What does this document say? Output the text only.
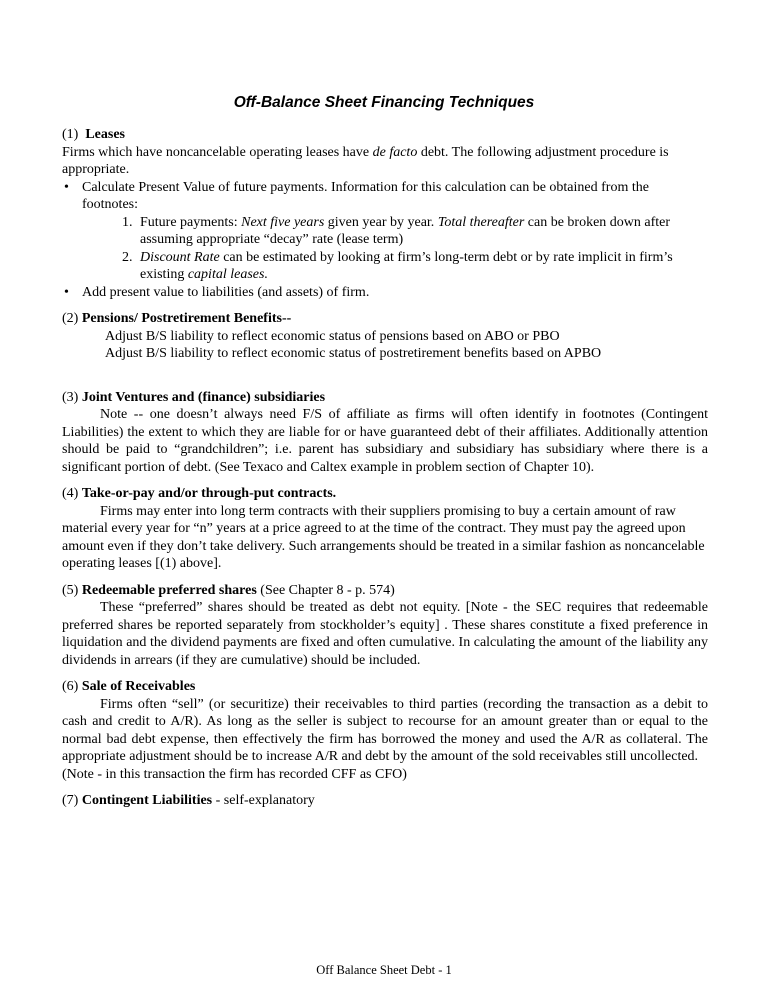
Off-Balance Sheet Financing Techniques

(1) Leases

Firms which have noncancelable operating leases have de facto debt. The following adjustment procedure is appropriate.

• Calculate Present Value of future payments. Information for this calculation can be obtained from the footnotes:
1. Future payments: Next five years given year by year. Total thereafter can be broken down after assuming appropriate “decay” rate (lease term)
2. Discount Rate can be estimated by looking at firm’s long-term debt or by rate implicit in firm’s existing capital leases.
• Add present value to liabilities (and assets) of firm.

(2) Pensions/ Postretirement Benefits--

Adjust B/S liability to reflect economic status of pensions based on ABO or PBO

Adjust B/S liability to reflect economic status of postretirement benefits based on APBO

(3) Joint Ventures and (finance) subsidiaries

Note -- one doesn’t always need F/S of affiliate as firms will often identify in footnotes (Contingent Liabilities) the extent to which they are liable for or have guaranteed debt of their affiliates. Additionally attention should be paid to “grandchildren”; i.e. parent has subsidiary and subsidiary has subsidiary where there is a significant portion of debt. (See Texaco and Caltex example in problem section of Chapter 10).

(4) Take-or-pay and/or through-put contracts.

Firms may enter into long term contracts with their suppliers promising to buy a certain amount of raw material every year for “n” years at a price agreed to at the time of the contract. They must pay the agreed upon amount even if they don’t take delivery. Such arrangements should be treated in a similar fashion as noncancelable operating leases [(1) above].

(5) Redeemable preferred shares (See Chapter 8 - p. 574)

These “preferred” shares should be treated as debt not equity. [Note - the SEC requires that redeemable preferred shares be reported separately from stockholder’s equity] . These shares constitute a fixed preference in liquidation and the dividend payments are fixed and often cumulative. In calculating the amount of the liability any dividends in arrears (if they are cumulative) should be included.

(6) Sale of Receivables

Firms often “sell” (or securitize) their receivables to third parties (recording the transaction as a debit to cash and credit to A/R). As long as the seller is subject to recourse for an amount greater than or equal to the normal bad debt expense, then effectively the firm has borrowed the money and used the A/R as collateral. The appropriate adjustment should be to increase A/R and debt by the amount of the sold receivables still uncollected.

(Note - in this transaction the firm has recorded CFF as CFO)

(7) Contingent Liabilities - self-explanatory

Off Balance Sheet Debt - 1
